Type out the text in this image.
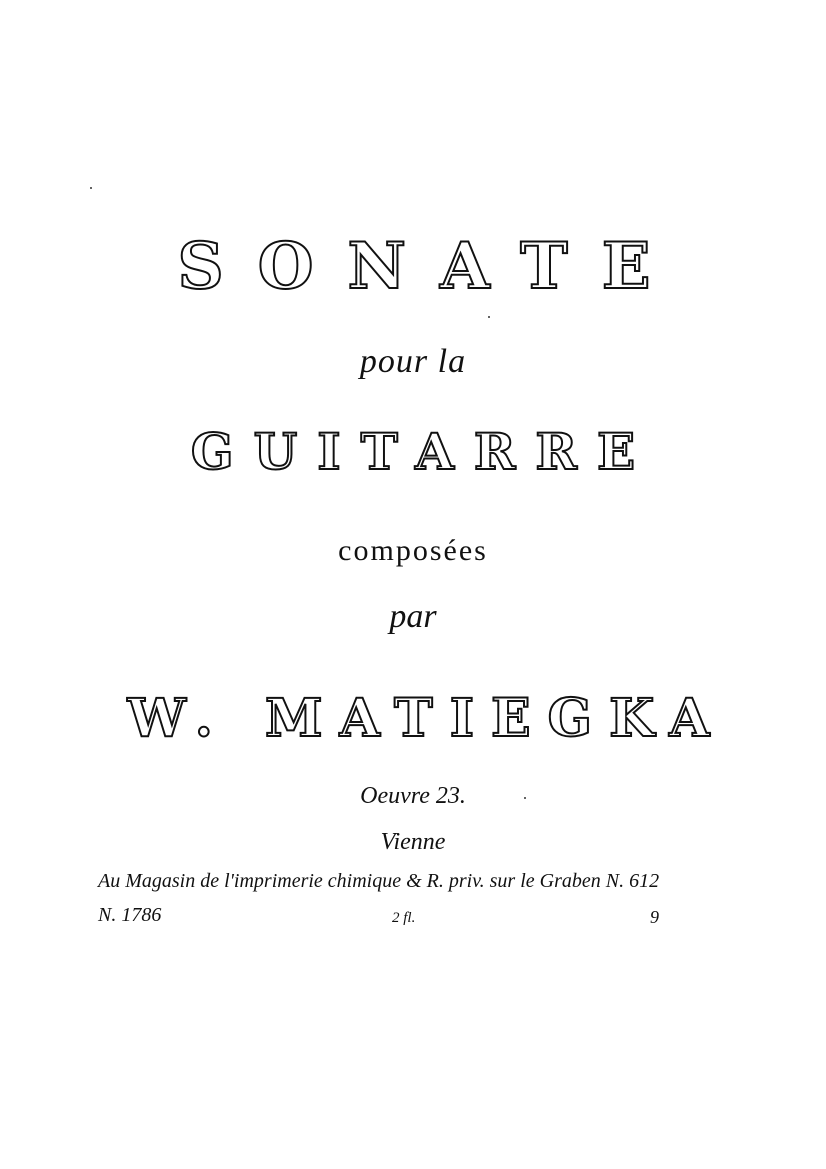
SONATE
pour la
GUITARRE
composées
par
W. MATIEGKA
Oeuvre 23.
Vienne
Au Magasin de l'imprimerie chimique & R. priv. sur le Graben N. 612
N. 1786	2 fl.	9
